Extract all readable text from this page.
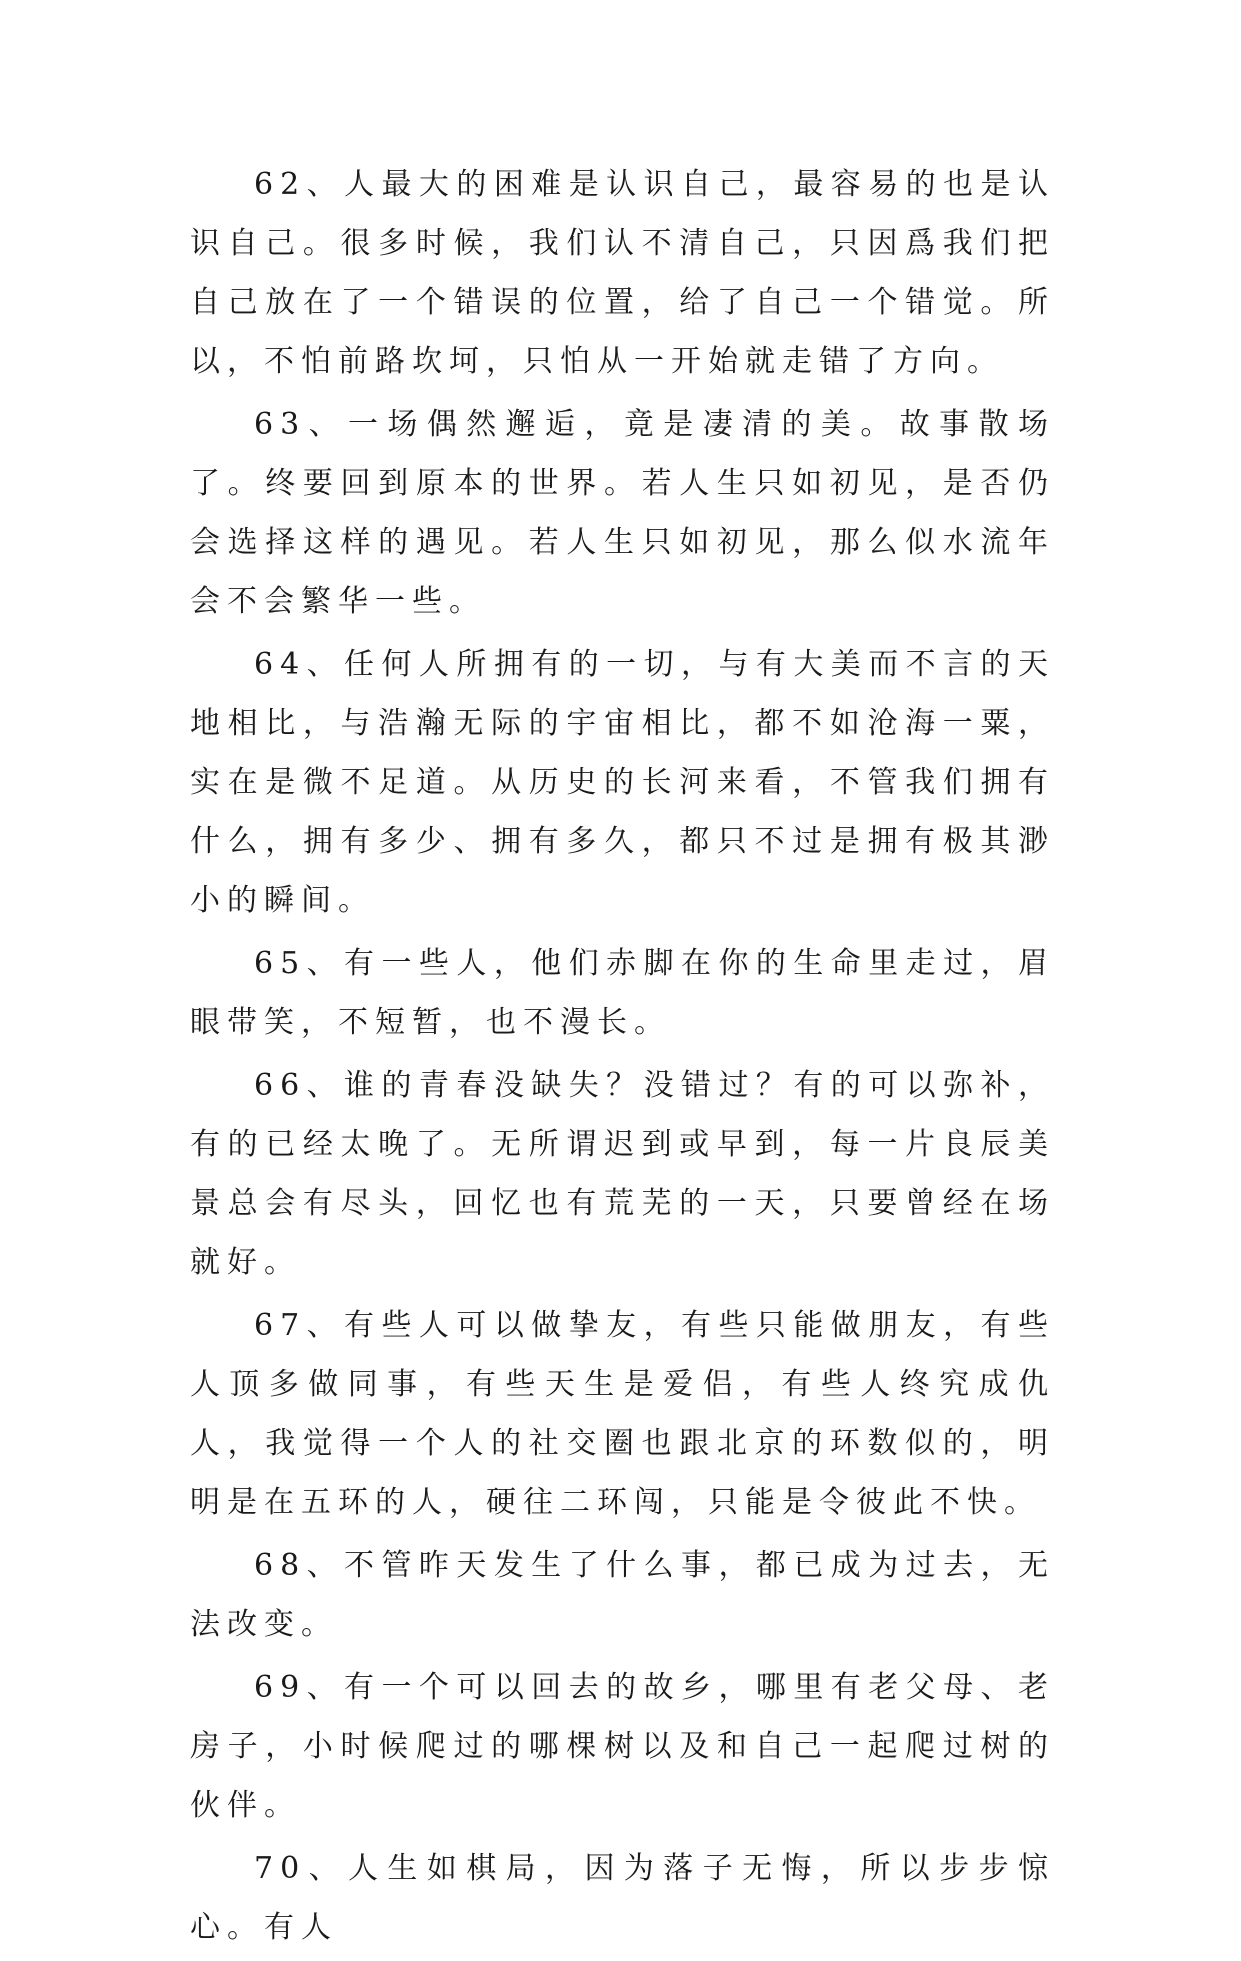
62、人最大的困难是认识自己，最容易的也是认识自己。很多时候，我们认不清自己，只因爲我们把自己放在了一个错误的位置，给了自己一个错觉。所以，不怕前路坎坷，只怕从一开始就走错了方向。

63、一场偶然邂逅，竟是凄清的美。故事散场了。终要回到原本的世界。若人生只如初见，是否仍会选择这样的遇见。若人生只如初见，那么似水流年会不会繁华一些。

64、任何人所拥有的一切，与有大美而不言的天地相比，与浩瀚无际的宇宙相比，都不如沧海一粟，实在是微不足道。从历史的长河来看，不管我们拥有什么，拥有多少、拥有多久，都只不过是拥有极其渺小的瞬间。

65、有一些人，他们赤脚在你的生命里走过，眉眼带笑，不短暂，也不漫长。

66、谁的青春没缺失？没错过？有的可以弥补，有的已经太晚了。无所谓迟到或早到，每一片良辰美景总会有尽头，回忆也有荒芜的一天，只要曾经在场就好。

67、有些人可以做挚友，有些只能做朋友，有些人顶多做同事，有些天生是爱侣，有些人终究成仇人，我觉得一个人的社交圈也跟北京的环数似的，明明是在五环的人，硬往二环闯，只能是令彼此不快。

68、不管昨天发生了什么事，都已成为过去，无法改变。

69、有一个可以回去的故乡，哪里有老父母、老房子，小时候爬过的哪棵树以及和自己一起爬过树的伙伴。

70、人生如棋局，因为落子无悔，所以步步惊心。有人
